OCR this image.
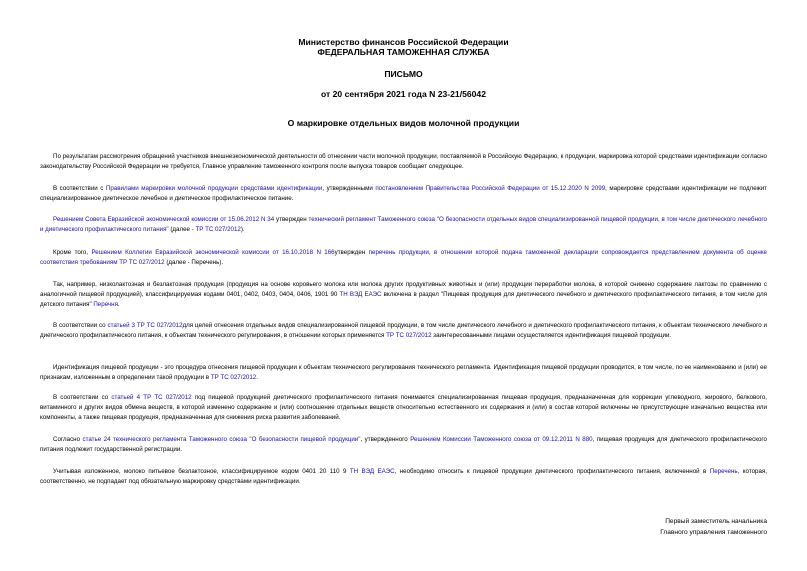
Министерство финансов Российской Федерации
ФЕДЕРАЛЬНАЯ ТАМОЖЕННАЯ СЛУЖБА
ПИСЬМО
от 20 сентября 2021 года N 23-21/56042
О маркировке отдельных видов молочной продукции
По результатам рассмотрения обращений участников внешнеэкономической деятельности об отнесении части молочной продукции, поставляемой в Российскую Федерацию, к продукции, маркировка которой средствами идентификации согласно законодательству Российской Федерации не требуется, Главное управление таможенного контроля после выпуска товаров сообщает следующее.
В соответствии с Правилами маркировки молочной продукции средствами идентификации, утвержденными постановлением Правительства Российской Федерации от 15.12.2020 N 2099, маркировке средствами идентификации не подлежит специализированное диетическое лечебное и диетическое профилактическое питание.
Решением Совета Евразийской экономической комиссии от 15.06.2012 N 34 утвержден технический регламент Таможенного союза "О безопасности отдельных видов специализированной пищевой продукции, в том числе диетического лечебного и диетического профилактического питания" (далее - ТР ТС 027/2012).
Кроме того, Решением Коллегии Евразийской экономической комиссии от 16.10.2018 N 166утвержден перечень продукции, в отношении которой подача таможенной декларации сопровождается представлением документа об оценке соответствия требованиям ТР ТС 027/2012 (далее - Перечень).
Так, например, низколактозная и безлактозная продукция (продукция на основе коровьего молока или молока других продуктивных животных и (или) продукции переработки молока, в которой снижено содержание лактозы по сравнению с аналогичной пищевой продукцией), классифицируемая кодами 0401, 0402, 0403, 0404, 0406, 1901 90 ТН ВЭД ЕАЭС включена в раздел "Пищевая продукция для диетического лечебного и диетического профилактического питания, в том числе для детского питания" Перечня.
В соответствии со статьей 3 ТР ТС 027/2012для целей отнесения отдельных видов специализированной пищевой продукции, в том числе диетического лечебного и диетического профилактического питания, к объектам технического лечебного и диетического профилактического питания, к объектам технического регулирования, в отношении которых применяется ТР ТС 027/2012 заинтересованными лицами осуществляется идентификация пищевой продукции.
Идентификация пищевой продукции - это процедура отнесения пищевой продукции к объектам технического регулирования технического регламента. Идентификация пищевой продукции проводится, в том числе, по ее наименованию и (или) ее признакам, изложенным в определении такой продукции в ТР ТС 027/2012.
В соответствии со статьей 4 ТР ТС 027/2012 под пищевой продукцией диетического профилактического питания понимается специализированная пищевая продукция, предназначенная для коррекции углеводного, жирового, белкового, витаминного и других видов обмена веществ, в которой изменено содержание и (или) соотношение отдельных веществ относительно естественного их содержания и (или) в состав которой включены не присутствующие изначально вещества или компоненты, а также пищевая продукция, предназначенная для снижения риска развития заболеваний.
Согласно статье 24 технического регламента Таможенного союза "О безопасности пищевой продукции", утвержденного Решением Комиссии Таможенного союза от 09.12.2011 N 880, пищевая продукция для диетического профилактического питания подлежит государственной регистрации.
Учитывая изложенное, молоко питьевое безлактозное, классифицируемое кодом 0401 20 110 9 ТН ВЭД ЕАЭС, необходимо относить к пищевой продукции диетического профилактического питания, включенной в Перечень, которая, соответственно, не подпадает под обязательную маркировку средствами идентификации.
Первый заместитель начальника
Главного управления таможенного
